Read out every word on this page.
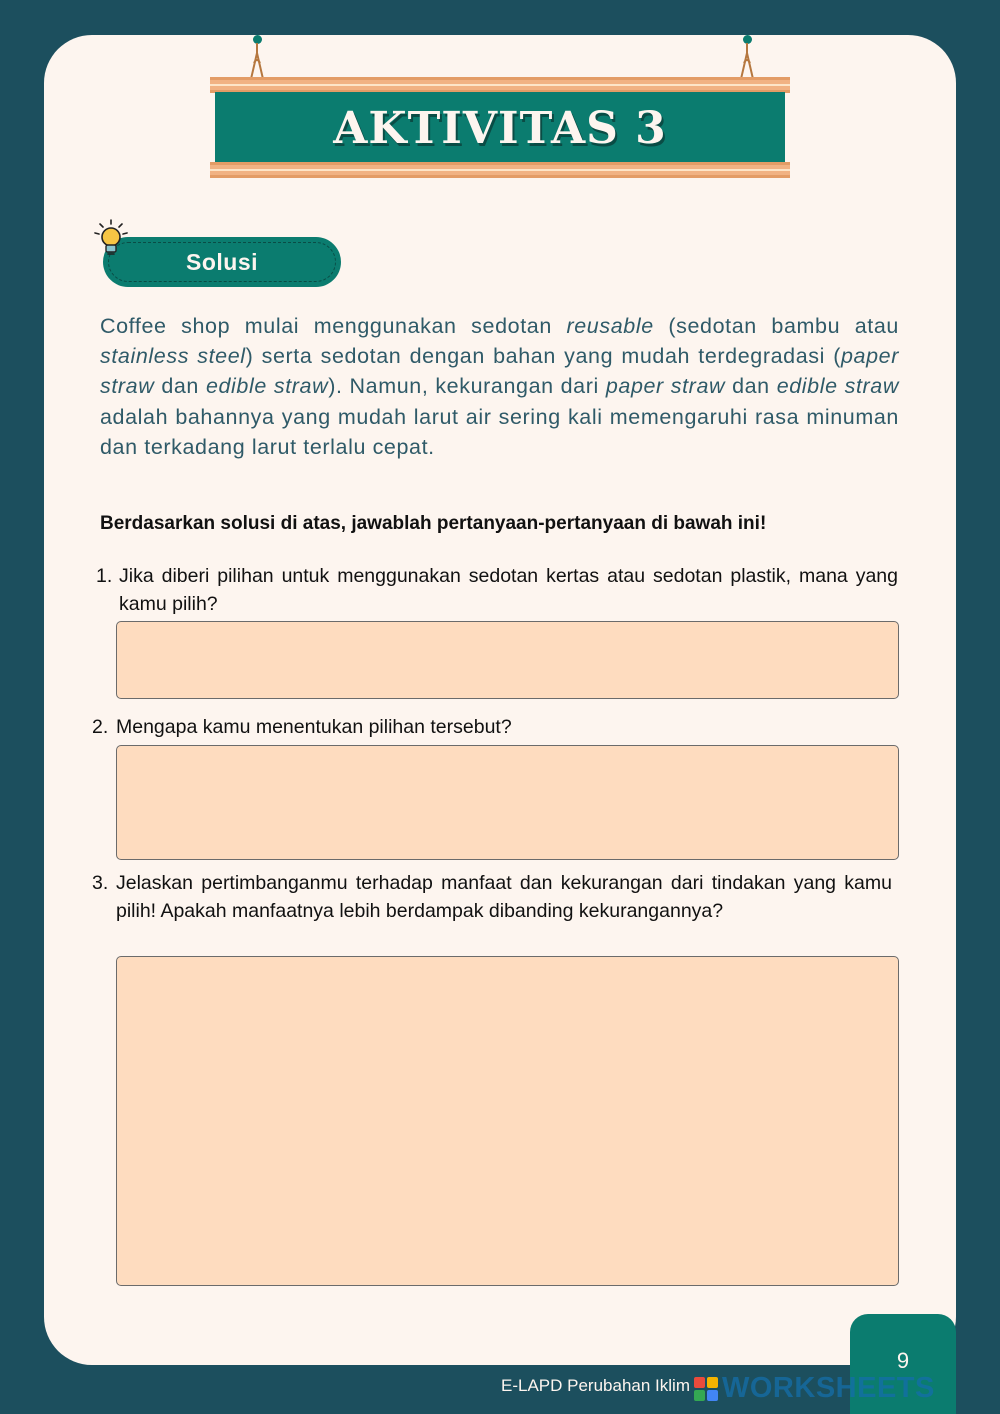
AKTIVITAS 3
Solusi

Coffee shop mulai menggunakan sedotan reusable (sedotan bambu atau stainless steel) serta sedotan dengan bahan yang mudah terdegradasi (paper straw dan edible straw). Namun, kekurangan dari paper straw dan edible straw adalah bahannya yang mudah larut air sering kali memengaruhi rasa minuman dan terkadang larut terlalu cepat.

Berdasarkan solusi di atas, jawablah pertanyaan-pertanyaan di bawah ini!

1. Jika diberi pilihan untuk menggunakan sedotan kertas atau sedotan plastik, mana yang kamu pilih?
2. Mengapa kamu menentukan pilihan tersebut?
3. Jelaskan pertimbanganmu terhadap manfaat dan kekurangan dari tindakan yang kamu pilih! Apakah manfaatnya lebih berdampak dibanding kekurangannya?
9
E-LAPD Perubahan Iklim WORKSHEETS
